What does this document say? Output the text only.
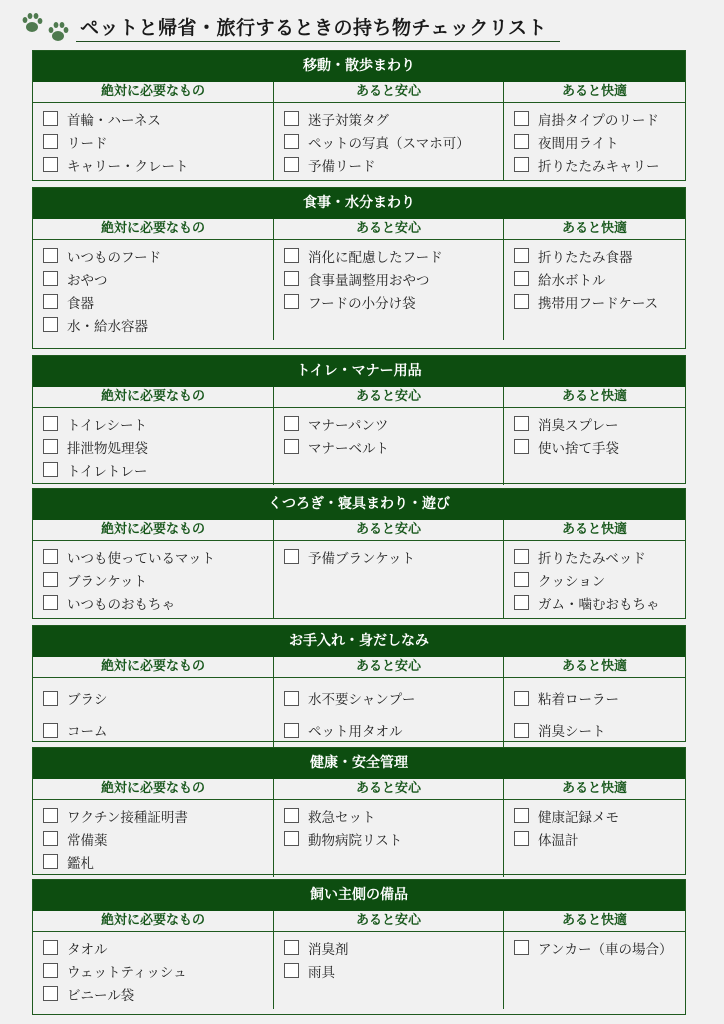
ペットと帰省・旅行するときの持ち物チェックリスト
移動・散歩まわり
絶対に必要なもの
首輪・ハーネス
リード
キャリー・クレート
あると安心
迷子対策タグ
ペットの写真（スマホ可）
予備リード
あると快適
肩掛タイプのリード
夜間用ライト
折りたたみキャリー
食事・水分まわり
絶対に必要なもの
いつものフード
おやつ
食器
水・給水容器
あると安心
消化に配慮したフード
食事量調整用おやつ
フードの小分け袋
あると快適
折りたたみ食器
給水ボトル
携帯用フードケース
トイレ・マナー用品
絶対に必要なもの
トイレシート
排泄物処理袋
トイレトレー
あると安心
マナーパンツ
マナーベルト
あると快適
消臭スプレー
使い捨て手袋
くつろぎ・寝具まわり・遊び
絶対に必要なもの
いつも使っているマット
ブランケット
いつものおもちゃ
あると安心
予備ブランケット
あると快適
折りたたみベッド
クッション
ガム・噛むおもちゃ
お手入れ・身だしなみ
絶対に必要なもの
ブラシ
コーム
あると安心
水不要シャンプー
ペット用タオル
あると快適
粘着ローラー
消臭シート
健康・安全管理
絶対に必要なもの
ワクチン接種証明書
常備薬
鑑札
あると安心
救急セット
動物病院リスト
あると快適
健康記録メモ
体温計
飼い主側の備品
絶対に必要なもの
タオル
ウェットティッシュ
ビニール袋
あると安心
消臭剤
雨具
あると快適
アンカー（車の場合）
